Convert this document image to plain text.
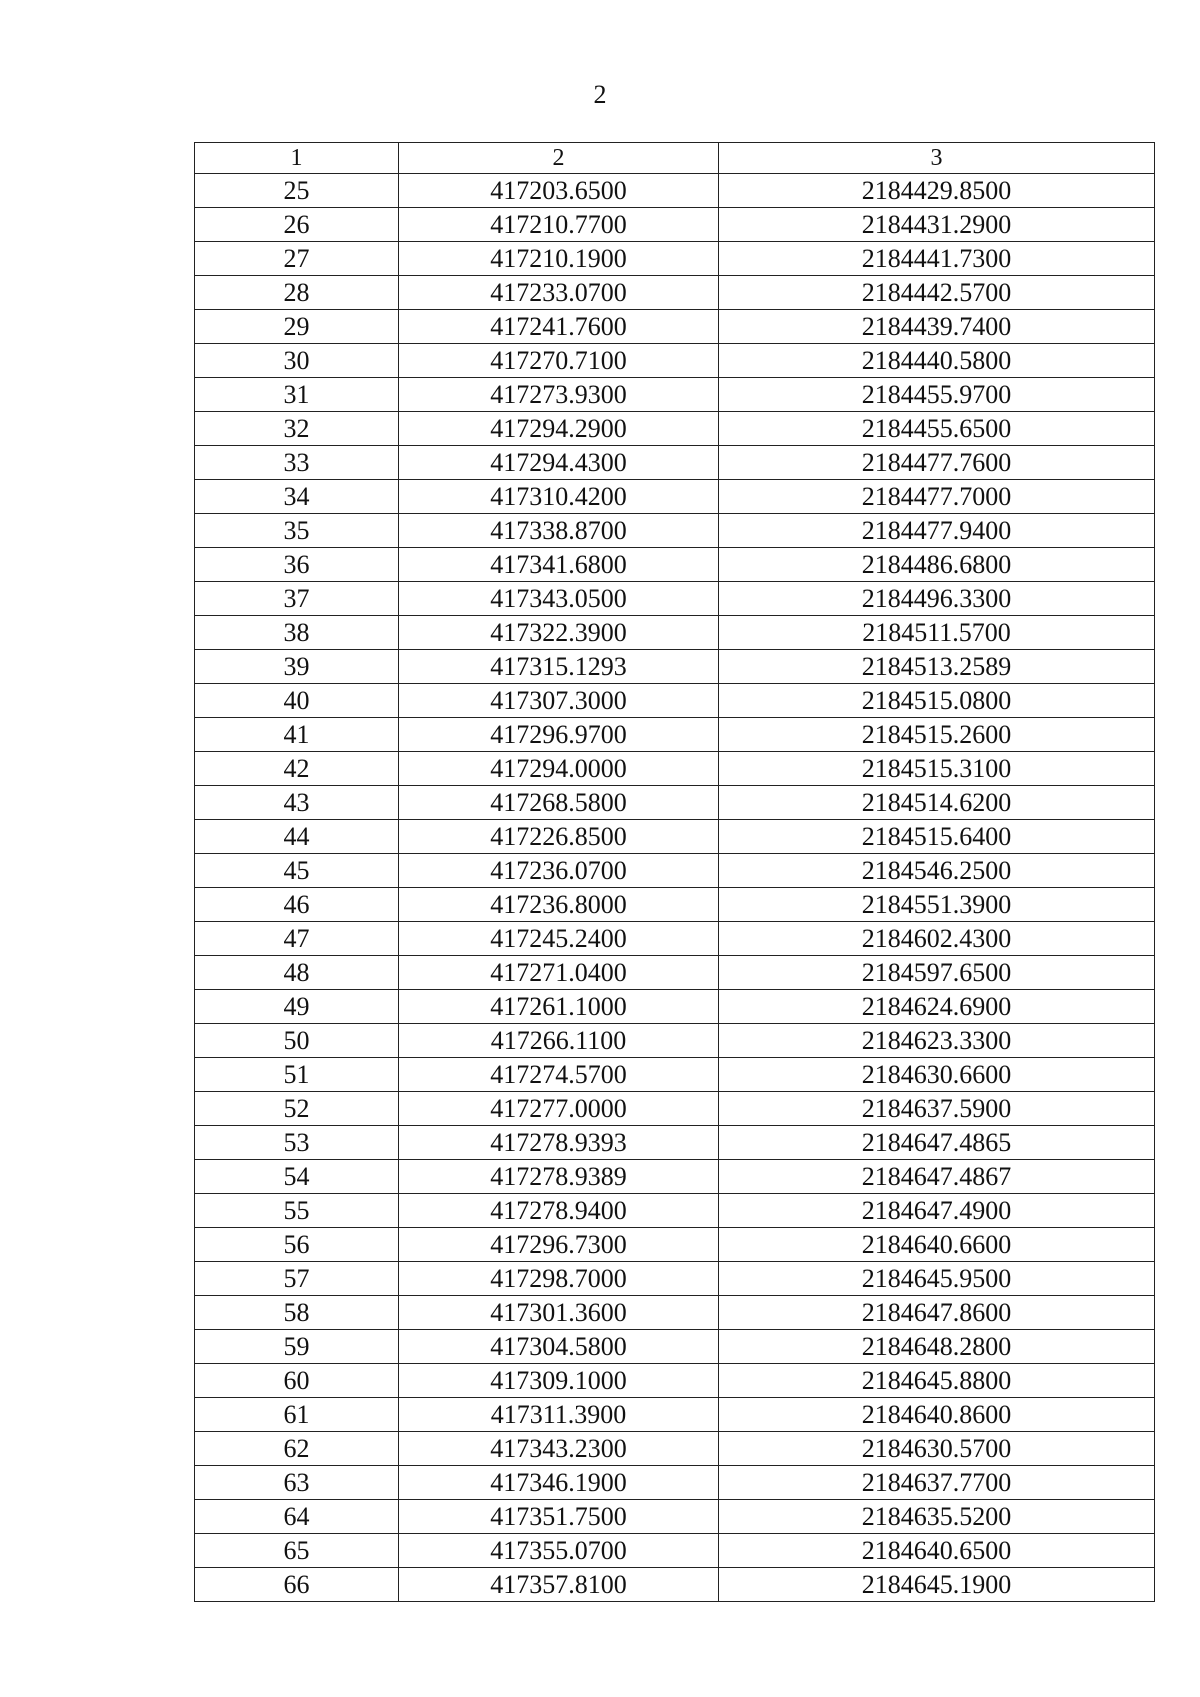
2
1	2	3
25	417203.6500	2184429.8500
26	417210.7700	2184431.2900
27	417210.1900	2184441.7300
28	417233.0700	2184442.5700
29	417241.7600	2184439.7400
30	417270.7100	2184440.5800
31	417273.9300	2184455.9700
32	417294.2900	2184455.6500
33	417294.4300	2184477.7600
34	417310.4200	2184477.7000
35	417338.8700	2184477.9400
36	417341.6800	2184486.6800
37	417343.0500	2184496.3300
38	417322.3900	2184511.5700
39	417315.1293	2184513.2589
40	417307.3000	2184515.0800
41	417296.9700	2184515.2600
42	417294.0000	2184515.3100
43	417268.5800	2184514.6200
44	417226.8500	2184515.6400
45	417236.0700	2184546.2500
46	417236.8000	2184551.3900
47	417245.2400	2184602.4300
48	417271.0400	2184597.6500
49	417261.1000	2184624.6900
50	417266.1100	2184623.3300
51	417274.5700	2184630.6600
52	417277.0000	2184637.5900
53	417278.9393	2184647.4865
54	417278.9389	2184647.4867
55	417278.9400	2184647.4900
56	417296.7300	2184640.6600
57	417298.7000	2184645.9500
58	417301.3600	2184647.8600
59	417304.5800	2184648.2800
60	417309.1000	2184645.8800
61	417311.3900	2184640.8600
62	417343.2300	2184630.5700
63	417346.1900	2184637.7700
64	417351.7500	2184635.5200
65	417355.0700	2184640.6500
66	417357.8100	2184645.1900
